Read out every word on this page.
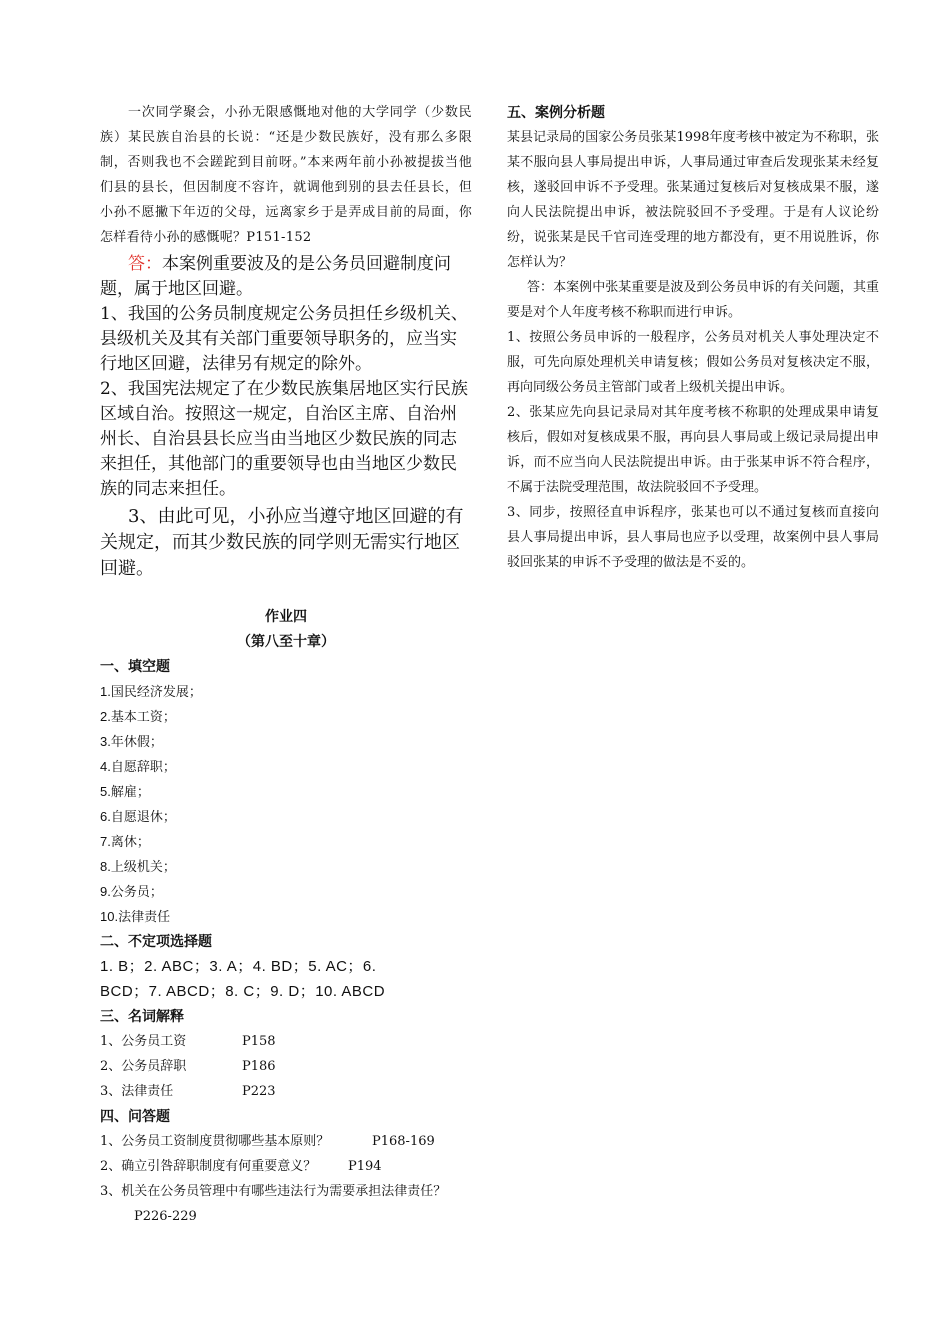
一次同学聚会，小孙无限感慨地对他的大学同学（少数民族）某民族自治县的长说：“还是少数民族好，没有那么多限制，否则我也不会蹉跎到目前呀。”本来两年前小孙被提拔当他们县的县长，但因制度不容许，就调他到别的县去任县长，但小孙不愿撇下年迈的父母，远离家乡于是弄成目前的局面，你怎样看待小孙的感慨呢？P151-152

答：本案例重要波及的是公务员回避制度问题，属于地区回避。

1、我国的公务员制度规定公务员担任乡级机关、县级机关及其有关部门重要领导职务的，应当实行地区回避，法律另有规定的除外。

2、我国宪法规定了在少数民族集居地区实行民族区域自治。按照这一规定，自治区主席、自治州州长、自治县县长应当由当地区少数民族的同志来担任，其他部门的重要领导也由当地区少数民族的同志来担任。

3、由此可见，小孙应当遵守地区回避的有关规定，而其少数民族的同学则无需实行地区回避。

作业四

（第八至十章）

一、填空题

1.国民经济发展；

2.基本工资；

3.年休假；

4.自愿辞职；

5.解雇；

6.自愿退休；

7.离休；

8.上级机关；

9.公务员；

10.法律责任

二、不定项选择题

1. B；2. ABC；3. A；4. BD；5. AC；6.

BCD；7. ABCD；8. C；9. D；10. ABCD

三、名词解释

1、公务员工资	P158

2、公务员辞职	P186

3、法律责任	P223

四、问答题

1、公务员工资制度贯彻哪些基本原则？	P168-169

2、确立引咎辞职制度有何重要意义？ P194

3、机关在公务员管理中有哪些违法行为需要承担法律责任？

P226-229

五、案例分析题

某县记录局的国家公务员张某1998年度考核中被定为不称职，张某不服向县人事局提出申诉，人事局通过审查后发现张某未经复核，遂驳回申诉不予受理。张某通过复核后对复核成果不服，遂向人民法院提出申诉，被法院驳回不予受理。于是有人议论纷纷，说张某是民千官司连受理的地方都没有，更不用说胜诉，你怎样认为？

答：本案例中张某重要是波及到公务员申诉的有关问题，其重要是对个人年度考核不称职而进行申诉。

1、按照公务员申诉的一般程序，公务员对机关人事处理决定不服，可先向原处理机关申请复核；假如公务员对复核决定不服，再向同级公务员主管部门或者上级机关提出申诉。

2、张某应先向县记录局对其年度考核不称职的处理成果申请复核后，假如对复核成果不服，再向县人事局或上级记录局提出申诉，而不应当向人民法院提出申诉。由于张某申诉不符合程序，不属于法院受理范围，故法院驳回不予受理。

3、同步，按照径直申诉程序，张某也可以不通过复核而直接向县人事局提出申诉，县人事局也应予以受理，故案例中县人事局驳回张某的申诉不予受理的做法是不妥的。
